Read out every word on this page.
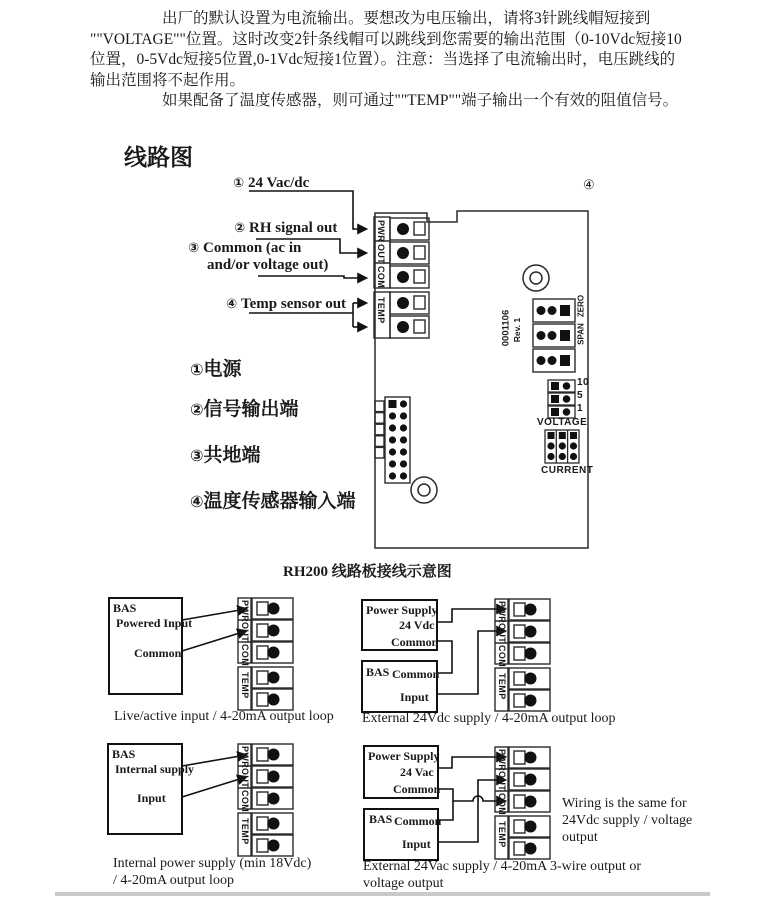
出厂的默认设置为电流输出。要想改为电压输出，请将3针跳线帽短接到
""VOLTAGE""位置。这时改变2针条线帽可以跳线到您需要的输出范围（0-10Vdc短接10
位置，0-5Vdc短接5位置,0-1Vdc短接1位置）。注意：当选择了电流输出时，电压跳线的
输出范围将不起作用。
如果配备了温度传感器，则可通过""TEMP""端子输出一个有效的阻值信号。
线路图
① 24 Vac/dc
② RH signal out
③ Common (ac in
and/or voltage out)
④ Temp sensor out
④
①电源
②信号输出端
③共地端
④温度传感器输入端
0001106 Rev. 1
ZERO
SPAN
10
5
1
VOLTAGE
CURRENT
PWR
OUT
COM
TEMP
RH200 线路板接线示意图
PWR
OUT
COM
TEMP
PWR
OUT
COM
TEMP
PWR
OUT
COM
TEMP
PWR
OUT
COM
TEMP
BAS
Powered Input
Common
Live/active input / 4-20mA output loop
Power Supply
24 Vdc
Common
BAS Common
Input
External 24Vdc supply / 4-20mA output loop
BAS
Internal supply
Input
Internal power supply (min 18Vdc)
/ 4-20mA output loop
Power Supply
24 Vac
Common
BAS Common
Input
Wiring is the same for
24Vdc supply / voltage
output
External 24Vac supply / 4-20mA 3-wire output or
voltage output
